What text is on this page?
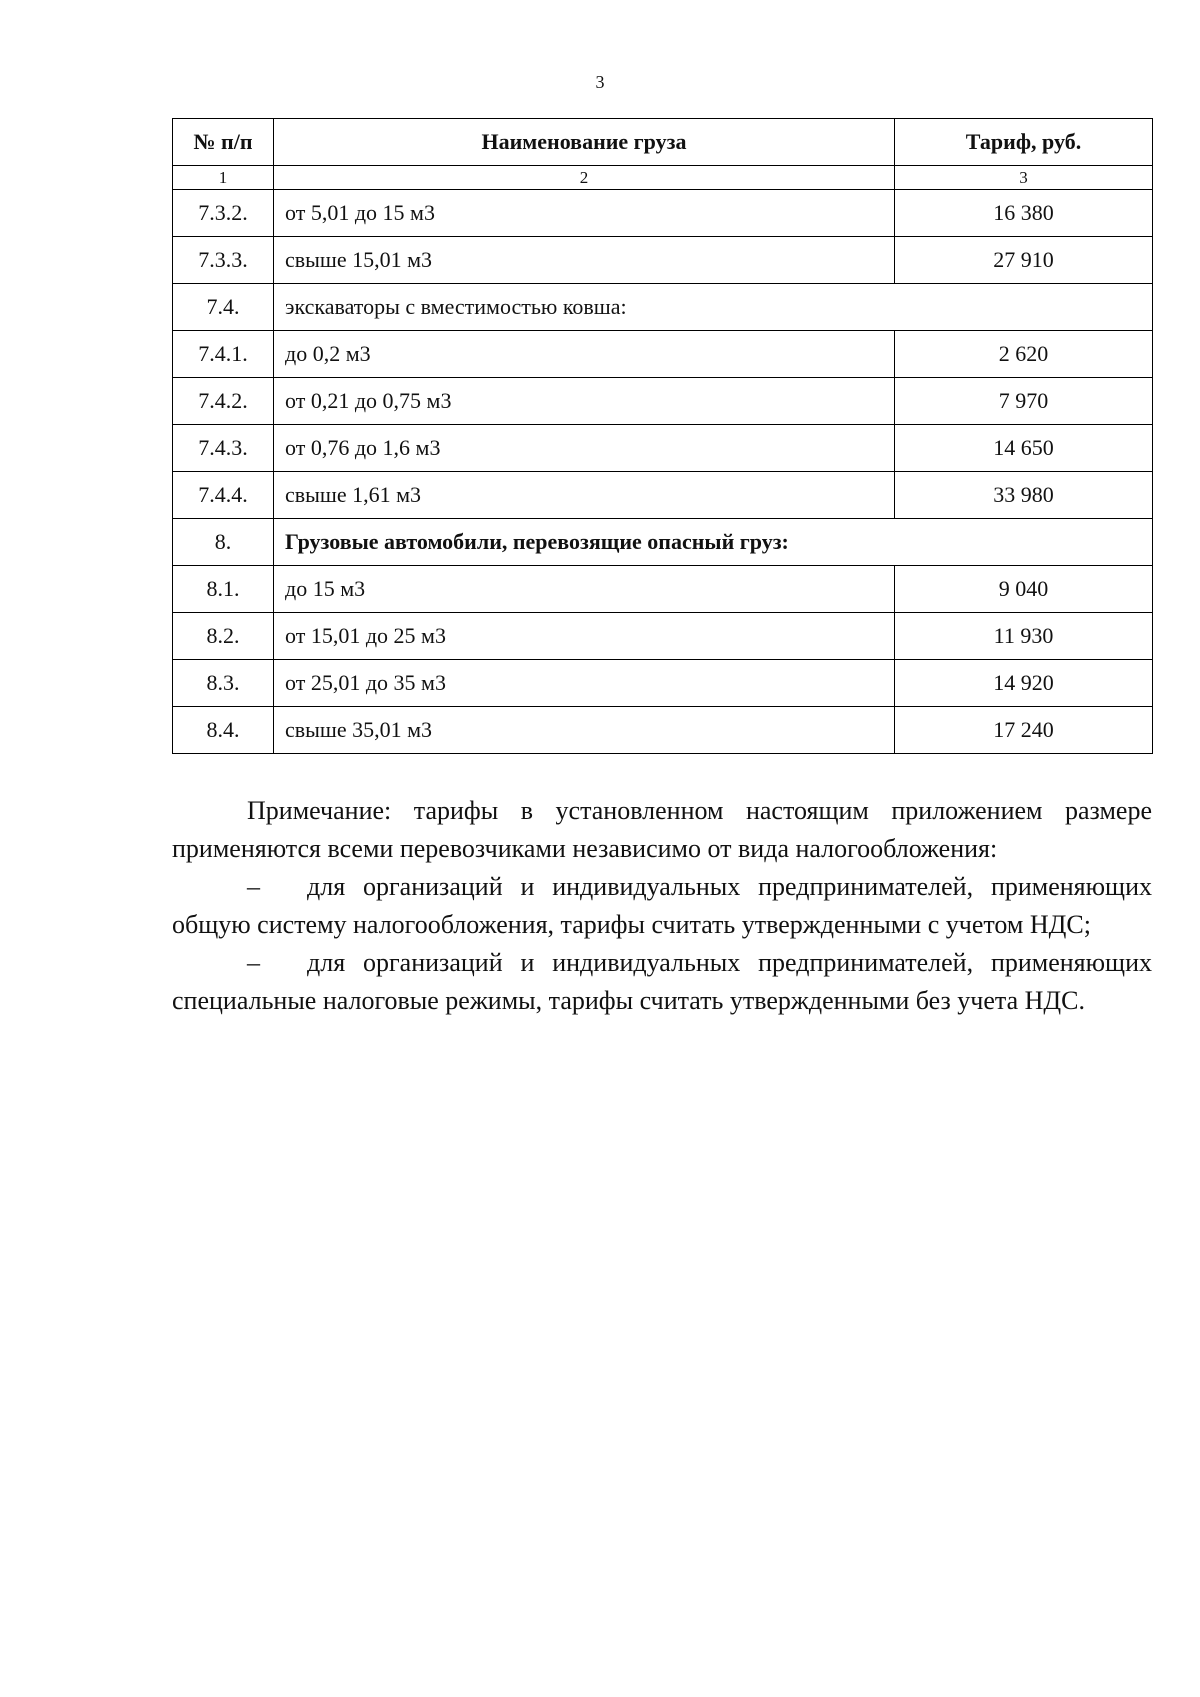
3
№ п/п	Наименование груза	Тариф, руб.
1	2	3
7.3.2.	от 5,01 до 15 м3	16 380
7.3.3.	свыше 15,01 м3	27 910
7.4.	экскаваторы с вместимостью ковша:	
7.4.1.	до 0,2 м3	2 620
7.4.2.	от 0,21 до 0,75 м3	7 970
7.4.3.	от 0,76 до 1,6 м3	14 650
7.4.4.	свыше 1,61 м3	33 980
8.	Грузовые автомобили, перевозящие опасный груз:	
8.1.	до 15 м3	9 040
8.2.	от 15,01 до 25 м3	11 930
8.3.	от 25,01 до 35 м3	14 920
8.4.	свыше 35,01 м3	17 240

Примечание: тарифы в установленном настоящим приложением размере применяются всеми перевозчиками независимо от вида налогообложения:

– для организаций и индивидуальных предпринимателей, применяющих общую систему налогообложения, тарифы считать утвержденными с учетом НДС;

– для организаций и индивидуальных предпринимателей, применяющих специальные налоговые режимы, тарифы считать утвержденными без учета НДС.
